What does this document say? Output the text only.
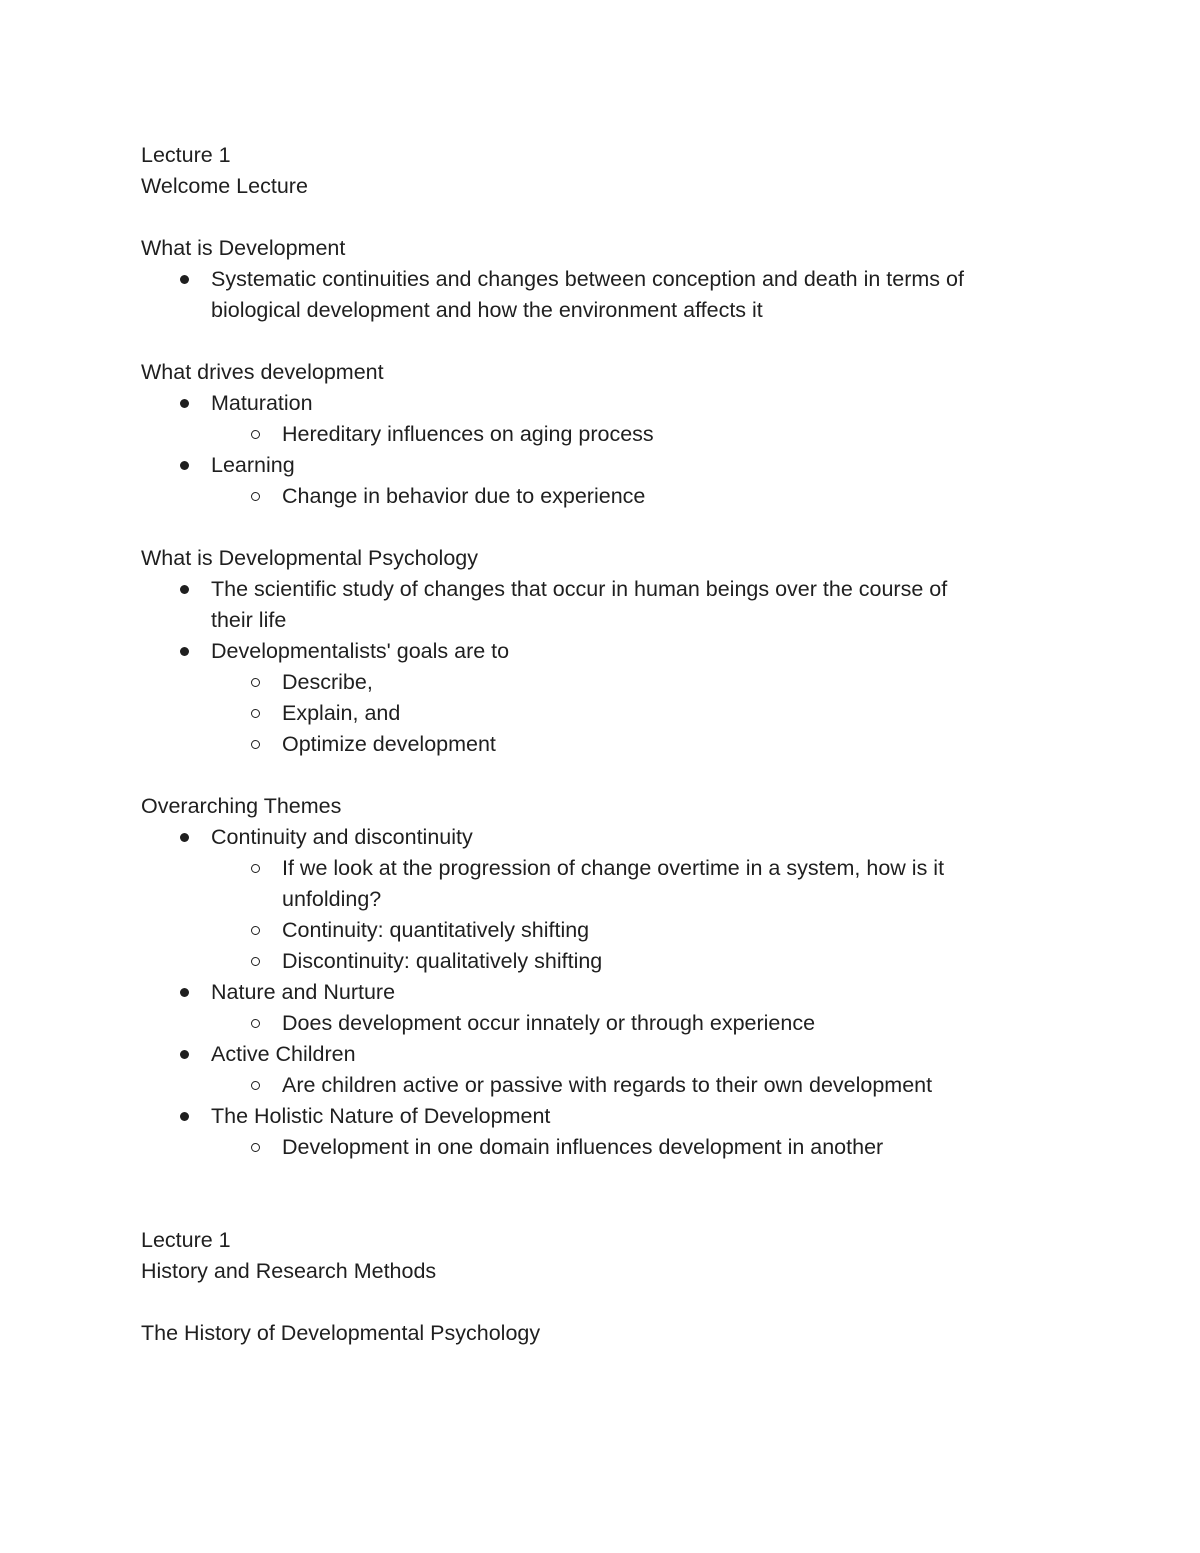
Lecture 1
Welcome Lecture
What is Development
Systematic continuities and changes between conception and death in terms of
biological development and how the environment affects it
What drives development
Maturation
Hereditary influences on aging process
Learning
Change in behavior due to experience
What is Developmental Psychology
The scientific study of changes that occur in human beings over the course of
their life
Developmentalists' goals are to
Describe,
Explain, and
Optimize development
Overarching Themes
Continuity and discontinuity
If we look at the progression of change overtime in a system, how is it
unfolding?
Continuity: quantitatively shifting
Discontinuity: qualitatively shifting
Nature and Nurture
Does development occur innately or through experience
Active Children
Are children active or passive with regards to their own development
The Holistic Nature of Development
Development in one domain influences development in another
Lecture 1
History and Research Methods
The History of Developmental Psychology
